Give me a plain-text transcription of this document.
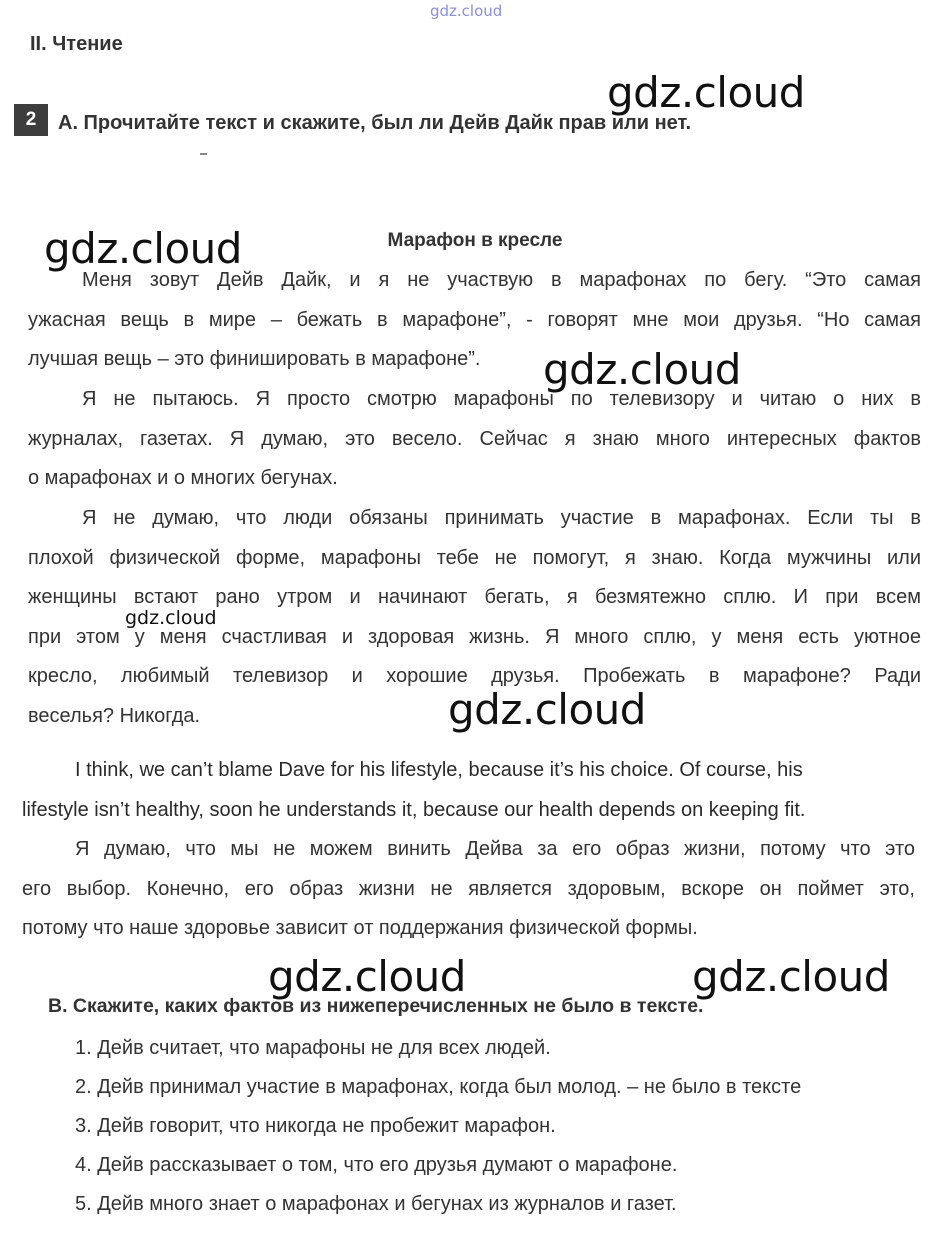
gdz.cloud
II. Чтение
2	A. Прочитайте текст и скажите, был ли Дейв Дайк прав или нет.
Марафон в кресле
Меня зовут Дейв Дайк, и я не участвую в марафонах по бегу. “Это самая
ужасная вещь в мире – бежать в марафоне”, - говорят мне мои друзья. “Но самая
лучшая вещь – это финишировать в марафоне”.
Я не пытаюсь. Я просто смотрю марафоны по телевизору и читаю о них в
журналах, газетах. Я думаю, это весело. Сейчас я знаю много интересных фактов
о марафонах и о многих бегунах.
Я не думаю, что люди обязаны принимать участие в марафонах. Если ты в
плохой физической форме, марафоны тебе не помогут, я знаю. Когда мужчины или
женщины встают рано утром и начинают бегать, я безмятежно сплю. И при всем
при этом у меня счастливая и здоровая жизнь. Я много сплю, у меня есть уютное
кресло, любимый телевизор и хорошие друзья. Пробежать в марафоне? Ради
веселья? Никогда.
I think, we can’t blame Dave for his lifestyle, because it’s his choice. Of course, his
lifestyle isn’t healthy, soon he understands it, because our health depends on keeping fit.
Я думаю, что мы не можем винить Дейва за его образ жизни, потому что это
его выбор. Конечно, его образ жизни не является здоровым, вскоре он поймет это,
потому что наше здоровье зависит от поддержания физической формы.
B. Скажите, каких фактов из нижеперечисленных не было в тексте.
1. Дейв считает, что марафоны не для всех людей.
2. Дейв принимал участие в марафонах, когда был молод. – не было в тексте
3. Дейв говорит, что никогда не пробежит марафон.
4. Дейв рассказывает о том, что его друзья думают о марафоне.
5. Дейв много знает о марафонах и бегунах из журналов и газет.
gdz.cloud
gdz.cloud
gdz.cloud
gdz.cloud
gdz.cloud
gdz.cloud	gdz.cloud
